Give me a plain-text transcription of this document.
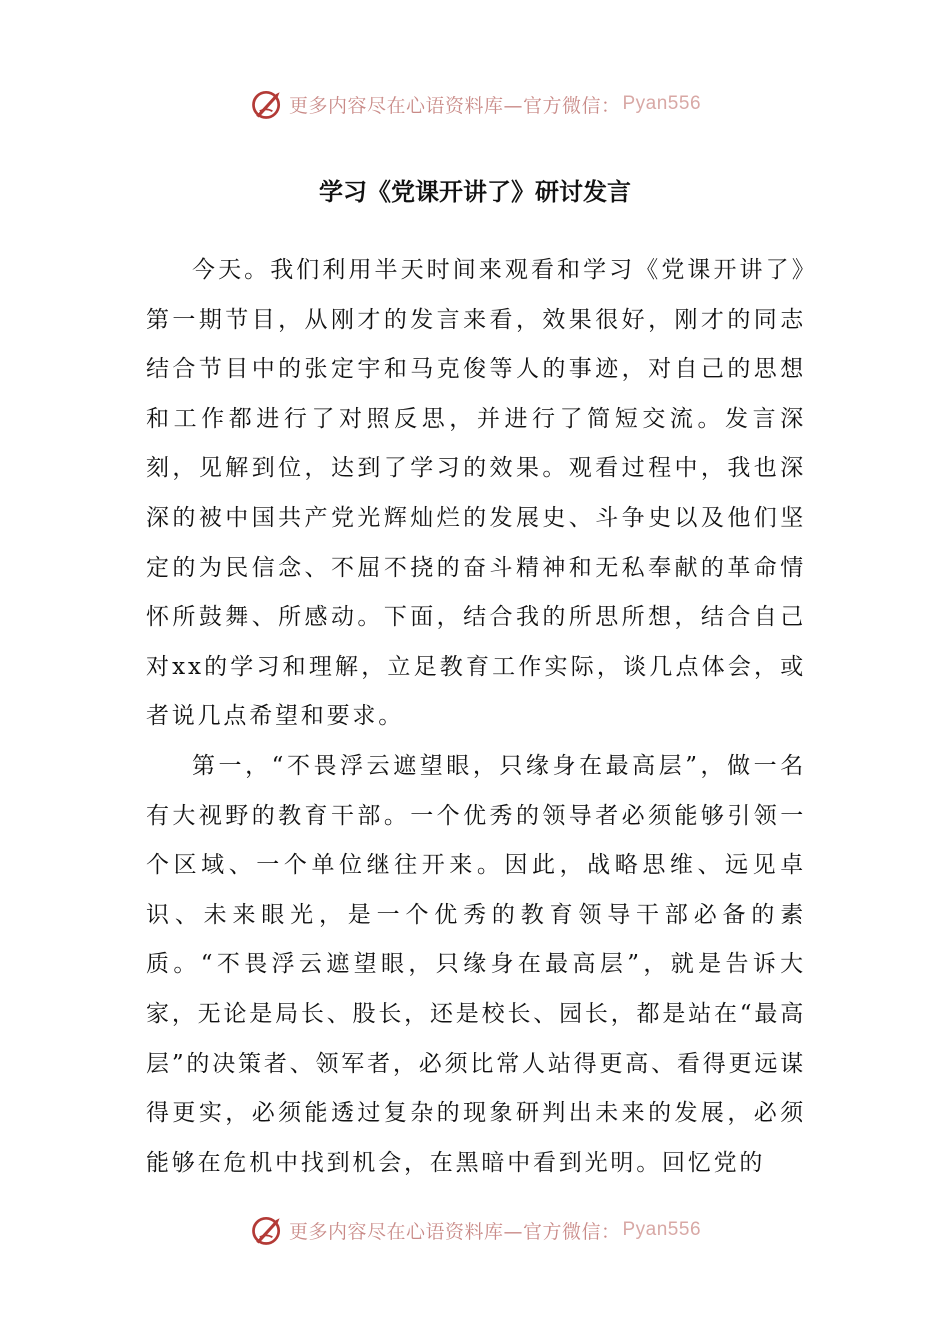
更多内容尽在心语资料库—官方微信： Pyan556
学习《党课开讲了》研讨发言

今天。我们利用半天时间来观看和学习《党课开讲了》第一期节目，从刚才的发言来看，效果很好，刚才的同志结合节目中的张定宇和马克俊等人的事迹，对自己的思想和工作都进行了对照反思，并进行了简短交流。发言深刻，见解到位，达到了学习的效果。观看过程中，我也深深的被中国共产党光辉灿烂的发展史、斗争史以及他们坚定的为民信念、不屈不挠的奋斗精神和无私奉献的革命情怀所鼓舞、所感动。下面，结合我的所思所想，结合自己对xx的学习和理解，立足教育工作实际，谈几点体会，或者说几点希望和要求。

第一，“不畏浮云遮望眼，只缘身在最高层”，做一名有大视野的教育干部。一个优秀的领导者必须能够引领一个区域、一个单位继往开来。因此，战略思维、远见卓识、未来眼光，是一个优秀的教育领导干部必备的素质。“不畏浮云遮望眼，只缘身在最高层”，就是告诉大家，无论是局长、股长，还是校长、园长，都是站在“最高层”的决策者、领军者，必须比常人站得更高、看得更远谋得更实，必须能透过复杂的现象研判出未来的发展，必须能够在危机中找到机会，在黑暗中看到光明。回忆党的

更多内容尽在心语资料库—官方微信： Pyan556
